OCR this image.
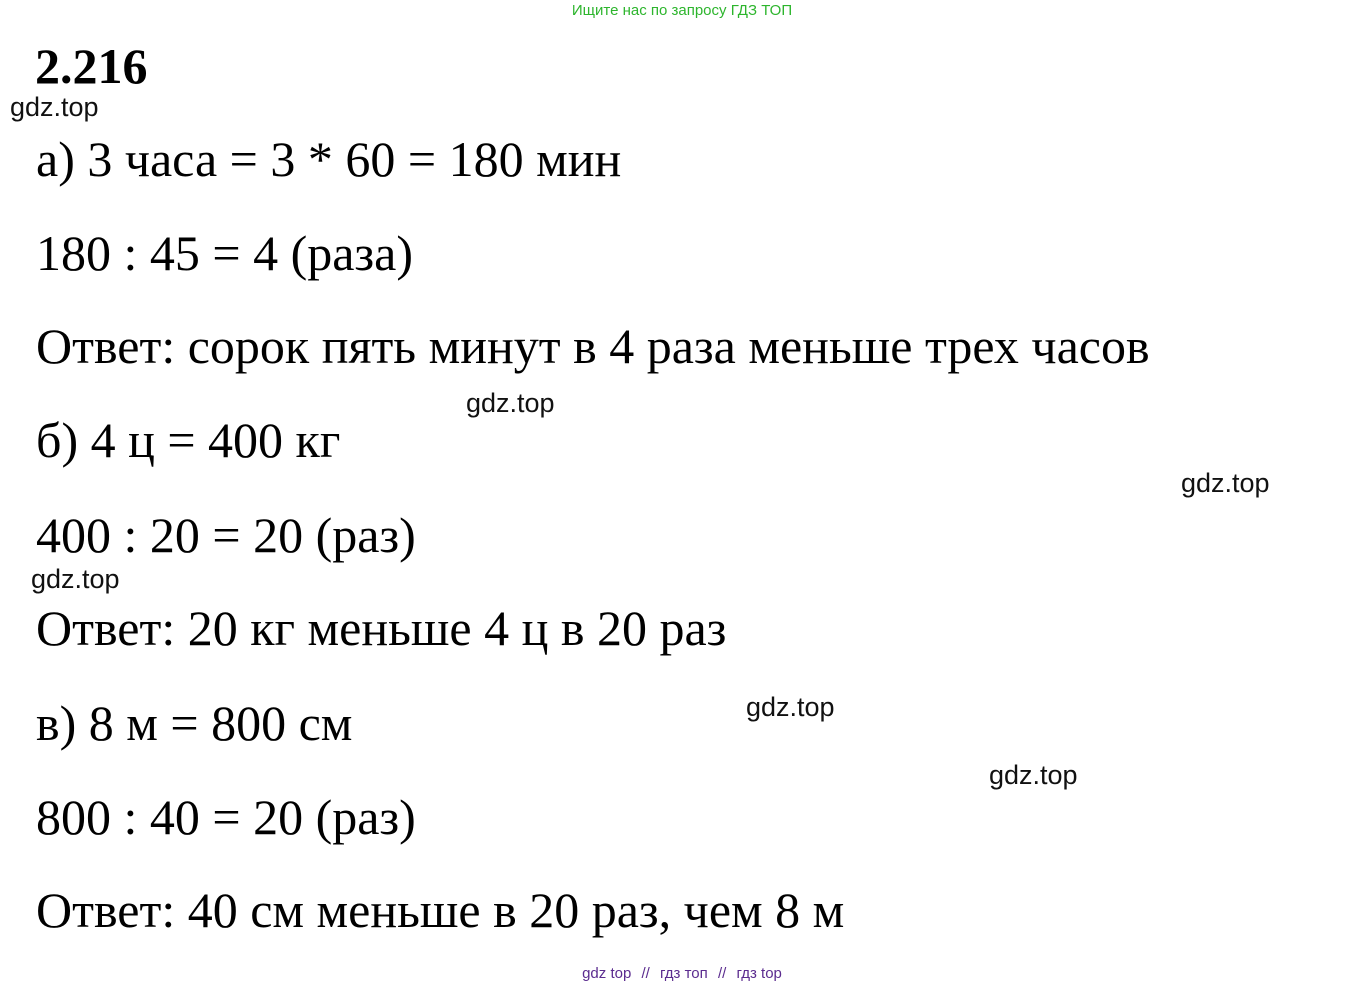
Ищите нас по запросу ГДЗ ТОП
2.216
gdz.top

а) 3 часа = 3 * 60 = 180 мин

180 : 45 = 4 (раза)

Ответ: сорок пять минут в 4 раза меньше трех часов

gdz.top

б) 4 ц = 400 кг

gdz.top

400 : 20 = 20 (раз)

gdz.top

Ответ: 20 кг меньше 4 ц в 20 раз

gdz.top

в) 8 м = 800 см

gdz.top

800 : 40 = 20 (раз)

Ответ: 40 см меньше в 20 раз, чем 8 м

gdz top // гдз топ // гдз top
